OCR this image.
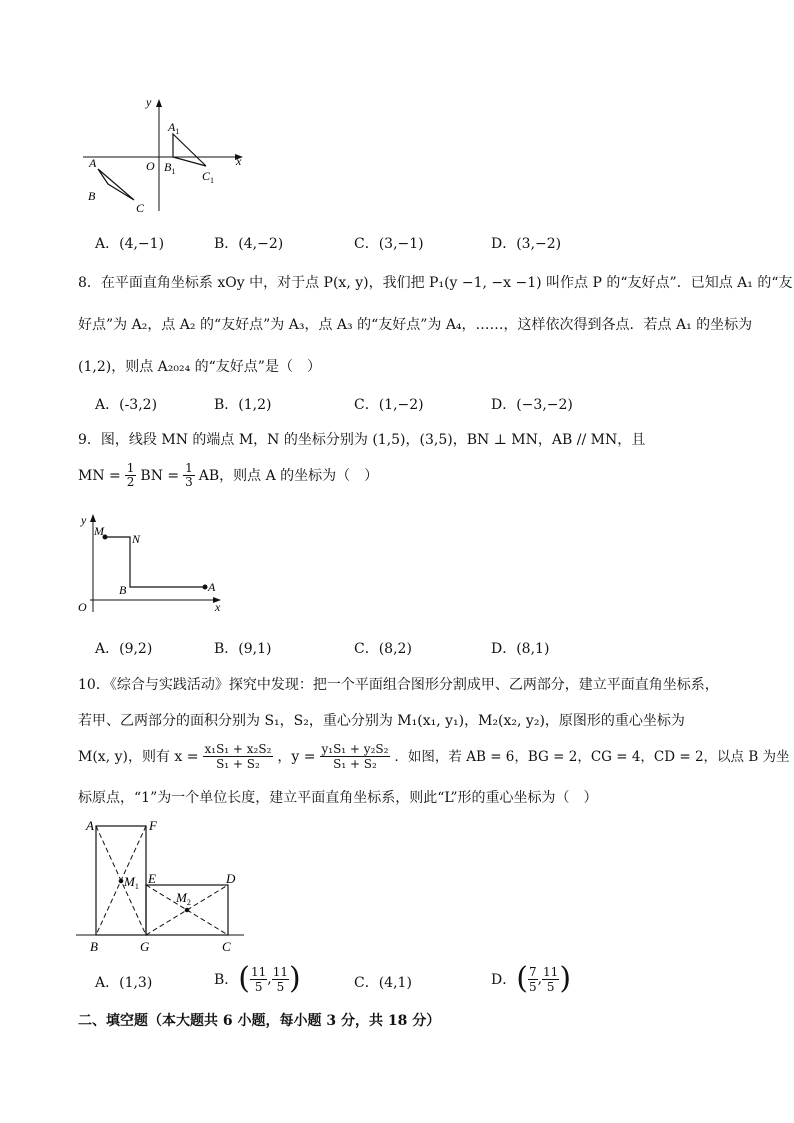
y
x
O
$A_1$
$B_1$ $C_1$
A
B
C
A．(4,−1)	B．(4,−2)	C．(3,−1)	D．(3,−2)
8．在平面直角坐标系 xOy 中，对于点 P(x, y)，我们把 P₁(y −1, −x −1) 叫作点 P 的“友好点”．已知点 A₁ 的“友
好点”为 A₂，点 A₂ 的“友好点”为 A₃，点 A₃ 的“友好点”为 A₄，……，这样依次得到各点．若点 A₁ 的坐标为
(1,2)，则点 A₂₀₂₄ 的“友好点”是（　）
A．(-3,2)	B．(1,2)	C．(1,−2)	D．(−3,−2)
9．图，线段 MN 的端点 M，N 的坐标分别为 (1,5)，(3,5)，BN ⊥ MN，AB // MN，且
MN = $\frac{1}{2}$ BN = $\frac{1}{3}$ AB，则点 A 的坐标为（　）
y
x
O
M
N
B	A
A．(9,2)	B．(9,1)	C．(8,2)	D．(8,1)
10．《综合与实践活动》探究中发现：把一个平面组合图形分割成甲、乙两部分，建立平面直角坐标系，
若甲、乙两部分的面积分别为 S₁，S₂，重心分别为 M₁(x₁, y₁)，M₂(x₂, y₂)，原图形的重心坐标为
M(x, y)，则有 $x = \frac{\text{x₁S₁ + x₂S₂}}{\text{S₁ + S₂}}$ ，$y = \frac{\text{y₁S₁ + y₂S₂}}{\text{S₁ + S₂}}$ ．如图，若 AB = 6，BG = 2，CG = 4，CD = 2，以点 B 为坐
标原点，“1”为一个单位长度，建立平面直角坐标系，则此“L”形的重心坐标为（　）
A	F
$M_1$
E	D
$M_2$
B	G	C
A．(1,3)	B． ( $\frac{11}{5}$ , $\frac{11}{5}$ )	C．(4,1)	D． ( $\frac{7}{5}$ , $\frac{11}{5}$ )
二、填空题（本大题共 6 小题，每小题 3 分，共 18 分）
